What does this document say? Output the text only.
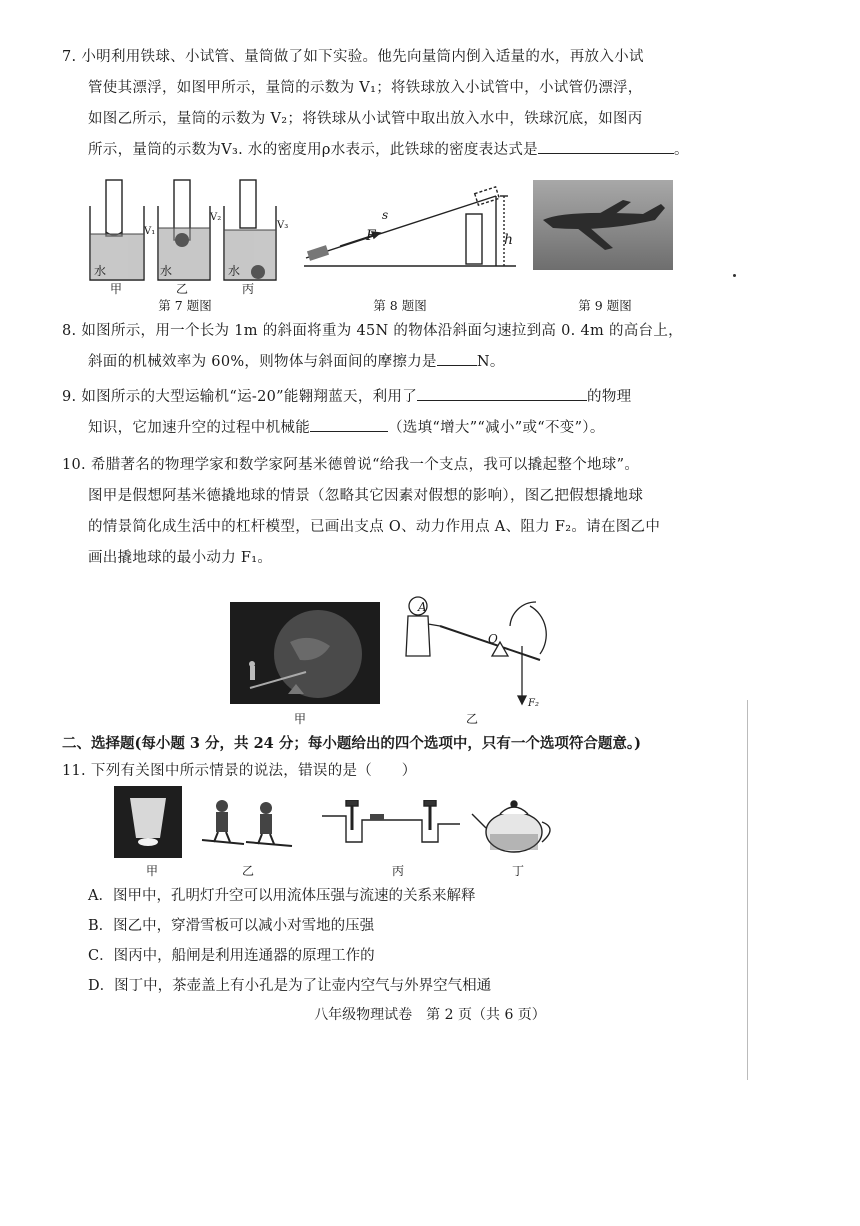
7. 小明利用铁球、小试管、量筒做了如下实验。他先向量筒内倒入适量的水，再放入小试

管使其漂浮，如图甲所示，量筒的示数为 V₁；将铁球放入小试管中，小试管仍漂浮，

如图乙所示，量筒的示数为 V₂；将铁球从小试管中取出放入水中，铁球沉底，如图丙

所示，量筒的示数为V₃. 水的密度用ρ水表示，此铁球的密度表达式是	。

V₁
V₂
V₃
水	水	水
甲	乙	丙
第 7 题图
s
F	h
第 8 题图	第 9 题图

8. 如图所示，用一个长为 1m 的斜面将重为 45N 的物体沿斜面匀速拉到高 0. 4m 的高台上，

斜面的机械效率为 60%，则物体与斜面间的摩擦力是	N。

9. 如图所示的大型运输机“运-20”能翱翔蓝天，利用了	的物理

知识，它加速升空的过程中机械能	（选填“增大”“减小”或“不变”）。

10. 希腊著名的物理学家和数学家阿基米德曾说“给我一个支点，我可以撬起整个地球”。

图甲是假想阿基米德撬地球的情景（忽略其它因素对假想的影响），图乙把假想撬地球

的情景简化成生活中的杠杆模型，已画出支点 O、动力作用点 A、阻力 F₂。请在图乙中

画出撬地球的最小动力 F₁。

甲
A
O
F₂
乙
二、选择题(每小题 3 分，共 24 分；每小题给出的四个选项中，只有一个选项符合题意。)

11. 下列有关图中所示情景的说法，错误的是（　　）

甲	乙	丙	丁
A．图甲中，孔明灯升空可以用流体压强与流速的关系来解释
B．图乙中，穿滑雪板可以减小对雪地的压强
C．图丙中，船闸是利用连通器的原理工作的
D．图丁中，茶壶盖上有小孔是为了让壶内空气与外界空气相通
八年级物理试卷　第 2 页（共 6 页）
